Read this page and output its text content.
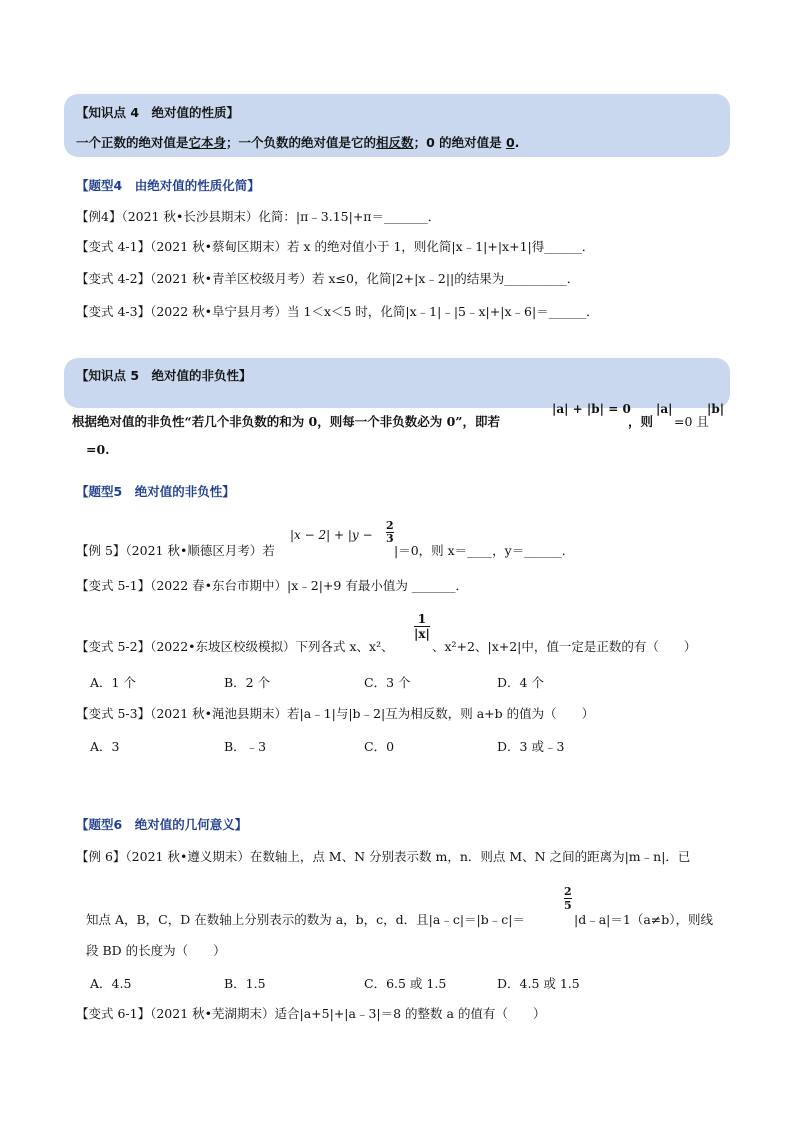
【知识点 4　绝对值的性质】
一个正数的绝对值是它本身；一个负数的绝对值是它的相反数；0 的绝对值是 0.
【题型4　由绝对值的性质化简】
【例4】（2021 秋•长沙县期末）化简：|π﹣3.15|+π＝_______．
【变式 4-1】（2021 秋•蔡甸区期末）若 x 的绝对值小于 1，则化简|x﹣1|+|x+1|得______．
【变式 4-2】（2021 秋•青羊区校级月考）若 x≤0，化简|2+|x﹣2||的结果为__________．
【变式 4-3】（2022 秋•阜宁县月考）当 1＜x＜5 时，化简|x﹣1|﹣|5﹣x|+|x﹣6|＝______．
【知识点 5　绝对值的非负性】
根据绝对值的非负性“若几个非负数的和为 0，则每一个非负数必为 0”，即若
|a| + |b| = 0
，则
|a|
=0 且
|b|
=0.
【题型5　绝对值的非负性】
$|x - 2| + |y - \frac{2}{3}$
【例 5】（2021 秋•顺德区月考）若	|＝0，则 x＝____，y＝______．
【变式 5-1】（2022 春•东台市期中）|x﹣2|+9 有最小值为 _______．
$\frac{1}{|x|}$
【变式 5-2】（2022•东坡区校级模拟）下列各式 x、x²、	、x²+2、|x+2|中，值一定是正数的有（　　）
A．1 个	B．2 个	C．3 个	D．4 个
【变式 5-3】（2021 秋•渑池县期末）若|a﹣1|与|b﹣2|互为相反数，则 a+b 的值为（　　）
A．3	B．﹣3	C．0	D．3 或﹣3
【题型6　绝对值的几何意义】
【例 6】（2021 秋•遵义期末）在数轴上，点 M、N 分别表示数 m，n．则点 M、N 之间的距离为|m﹣n|．已
$\frac{2}{5}$
知点 A，B，C，D 在数轴上分别表示的数为 a，b，c，d．且|a﹣c|＝|b﹣c|＝	|d﹣a|＝1（a≠b），则线
段 BD 的长度为（　　）
A．4.5	B．1.5	C．6.5 或 1.5	D．4.5 或 1.5
【变式 6-1】（2021 秋•芜湖期末）适合|a+5|+|a﹣3|＝8 的整数 a 的值有（　　）
